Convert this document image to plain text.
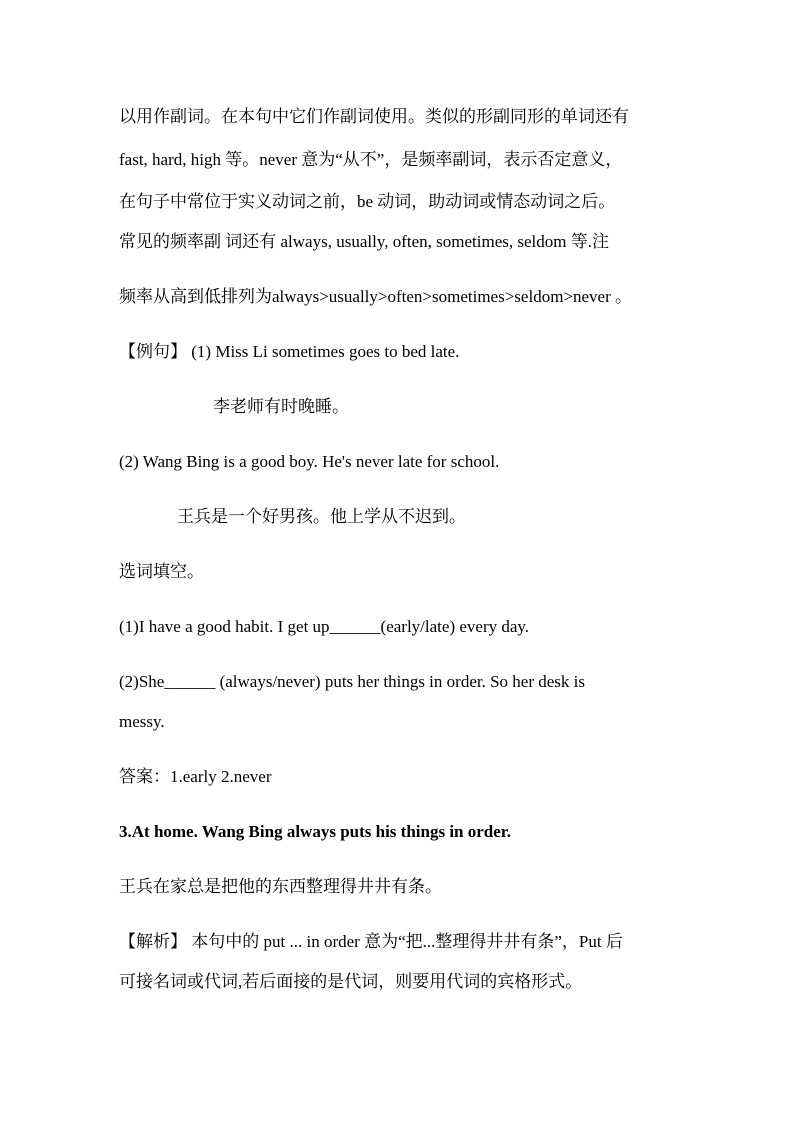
以用作副词。在本句中它们作副词使用。类似的形副同形的单词还有
fast, hard, high 等。never 意为“从不”，是频率副词，表示否定意义，
在句子中常位于实义动词之前，be 动词，助动词或情态动词之后。
常见的频率副 词还有 always, usually, often, sometimes, seldom 等.注
频率从高到低排列为always>usually>often>sometimes>seldom>never 。
【例句】 (1) Miss Li sometimes goes to bed late.
李老师有时晚睡。
(2) Wang Bing is a good boy. He's never late for school.
王兵是一个好男孩。他上学从不迟到。
选词填空。
(1)I have a good habit. I get up______(early/late) every day.
(2)She______ (always/never) puts her things in order. So her desk is
messy.
答案：1.early 2.never
3.At home. Wang Bing always puts his things in order.
王兵在家总是把他的东西整理得井井有条。
【解析】 本句中的 put ... in order 意为“把...整理得井井有条”，Put 后
可接名词或代词,若后面接的是代词，则要用代词的宾格形式。
